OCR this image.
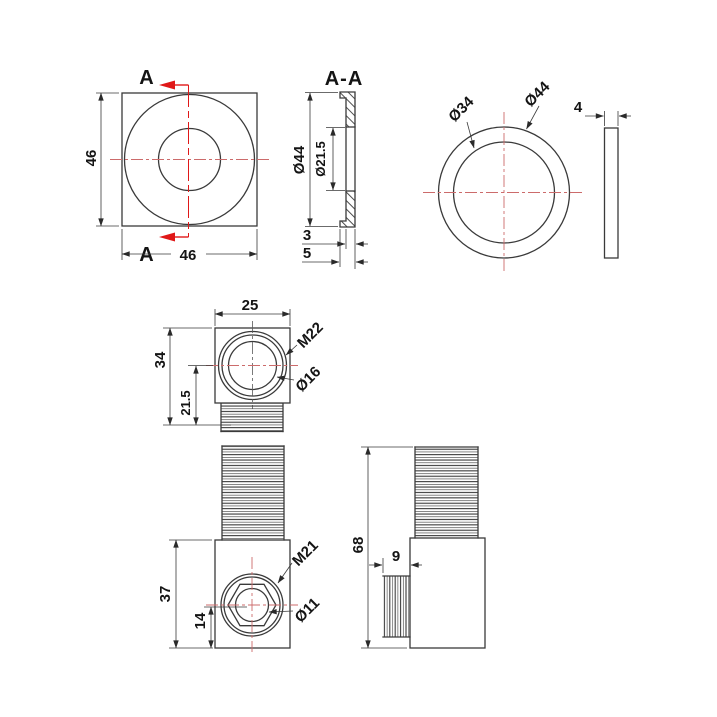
A
A
46
46
A-A
Ø44 Ø21.5
3
5
Ø34	Ø44 4
25
34
21.5
M22
Ø16
37
14
M21
Ø11
68
9
